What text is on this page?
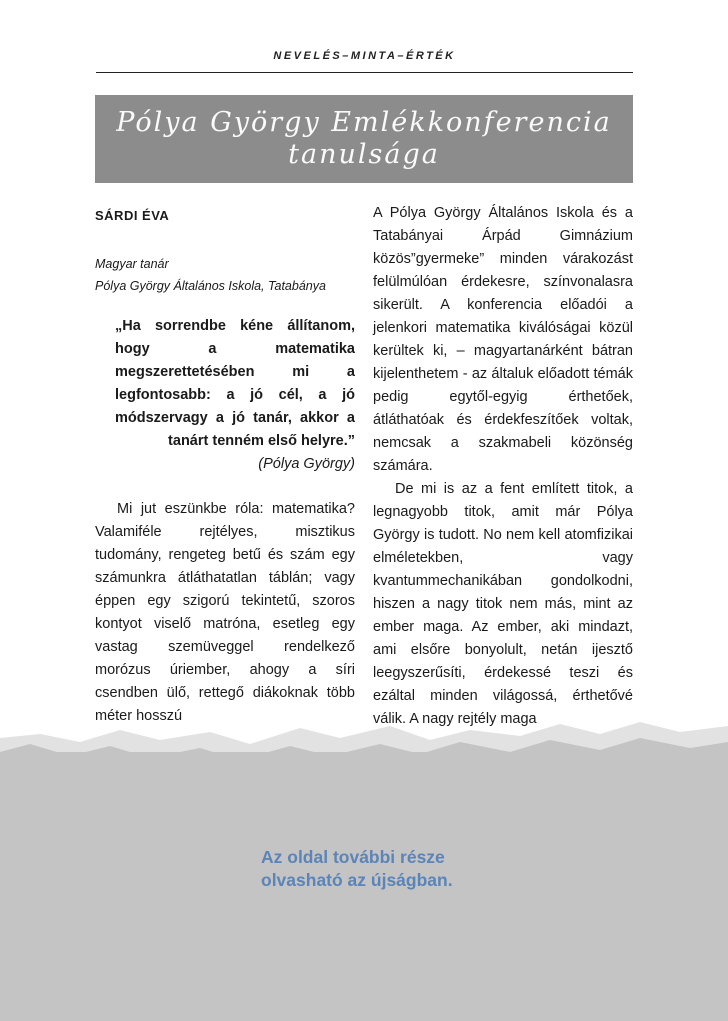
NEVELÉS–MINTA–ÉRTÉK
Pólya György Emlékkonferencia
tanulsága
SÁRDI ÉVA
Magyar tanár
Pólya György Általános Iskola, Tatabánya
„Ha sorrendbe kéne állítanom, hogy a matematika megszerettetésében mi a legfontosabb: a jó cél, a jó módszervagy a jó tanár, akkor a tanárt tenném első helyre.”
(Pólya György)

Mi jut eszünkbe róla: matematika? Valamiféle rejtélyes, misztikus tudomány, rengeteg betű és szám egy számunkra átláthatatlan táblán; vagy éppen egy szigorú tekintetű, szoros kontyot viselő matróna, esetleg egy vastag szemüveggel rendelkező morózus úriember, ahogy a síri csendben ülő, rettegő diákoknak több méter hosszú

A Pólya György Általános Iskola és a Tatabányai Árpád Gimnázium közös”gyermeke” minden várakozást felülmúlóan érdekesre, színvonalasra sikerült. A konferencia előadói a jelenkori matematika kiválóságai közül kerültek ki, – magyartanárként bátran kijelenthetem - az általuk előadott témák pedig egytől-egyig érthetőek, átláthatóak és érdekfeszítőek voltak, nemcsak a szakmabeli közönség számára.

De mi is az a fent említett titok, a legnagyobb titok, amit már Pólya György is tudott. No nem kell atomfizikai elméletekben, vagy kvantummechanikában gondolkodni, hiszen a nagy titok nem más, mint az ember maga. Az ember, aki mindazt, ami elsőre bonyolult, netán ijesztő leegyszerűsíti, érdekessé teszi és ezáltal minden világossá, érthetővé válik. A nagy rejtély maga

Az oldal további része
olvasható az újságban.
